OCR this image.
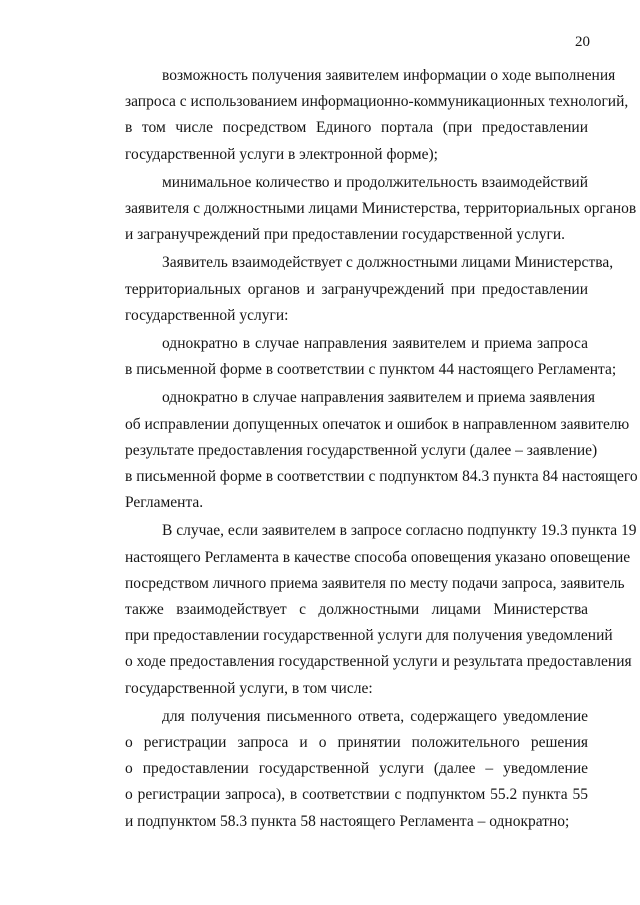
20
возможность получения заявителем информации о ходе выполнения
запроса с использованием информационно-коммуникационных технологий,
в том числе посредством Единого портала (при предоставлении
государственной услуги в электронной форме);
минимальное количество и продолжительность взаимодействий
заявителя с должностными лицами Министерства, территориальных органов
и загранучреждений при предоставлении государственной услуги.
Заявитель взаимодействует с должностными лицами Министерства,
территориальных органов и загранучреждений при предоставлении
государственной услуги:
однократно в случае направления заявителем и приема запроса
в письменной форме в соответствии с пунктом 44 настоящего Регламента;
однократно в случае направления заявителем и приема заявления
об исправлении допущенных опечаток и ошибок в направленном заявителю
результате предоставления государственной услуги (далее – заявление)
в письменной форме в соответствии с подпунктом 84.3 пункта 84 настоящего
Регламента.
В случае, если заявителем в запросе согласно подпункту 19.3 пункта 19
настоящего Регламента в качестве способа оповещения указано оповещение
посредством личного приема заявителя по месту подачи запроса, заявитель
также взаимодействует с должностными лицами Министерства
при предоставлении государственной услуги для получения уведомлений
о ходе предоставления государственной услуги и результата предоставления
государственной услуги, в том числе:
для получения письменного ответа, содержащего уведомление
о регистрации запроса и о принятии положительного решения
о предоставлении государственной услуги (далее – уведомление
о регистрации запроса), в соответствии с подпунктом 55.2 пункта 55
и подпунктом 58.3 пункта 58 настоящего Регламента – однократно;
